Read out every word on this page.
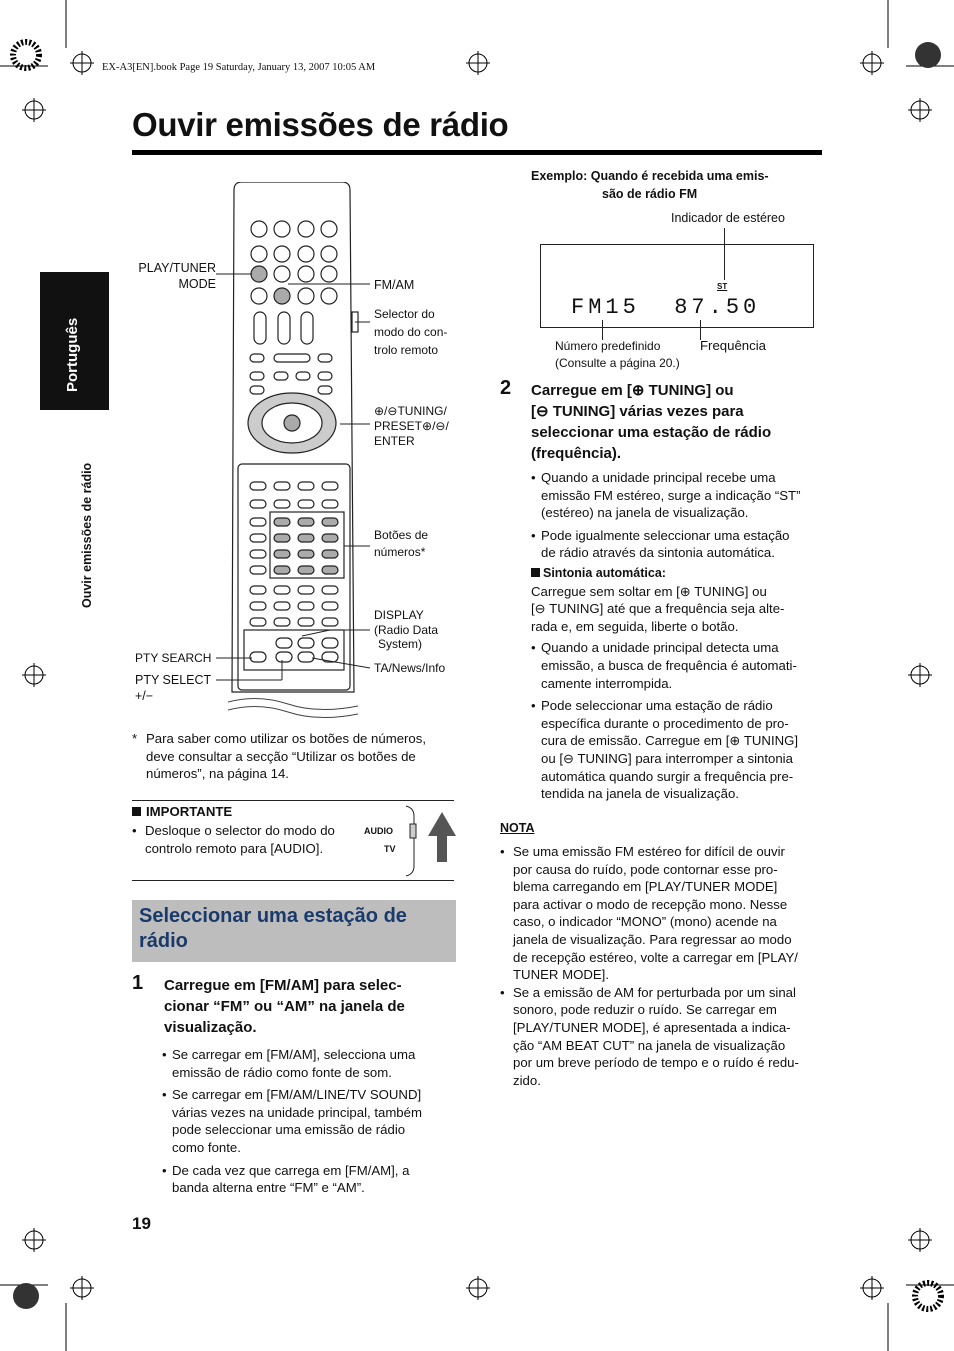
EX-A3[EN].book Page 19 Saturday, January 13, 2007 10:05 AM
Ouvir emissões de rádio
Português
Ouvir emissões de rádio
PLAY/TUNER
MODE	FM/AM
Selector do
modo do con-
trolo remoto
⊕/⊖TUNING/
PRESET⊕/⊖/
ENTER
Botões de
números*
DISPLAY
(Radio Data
System)
PTY SEARCH
TA/News/Info
PTY SELECT
+/−
* Para saber como utilizar os botões de números,
deve consultar a secção “Utilizar os botões de
números”, na página 14.
IMPORTANTE
• Desloque o selector do modo do
controlo remoto para [AUDIO].
AUDIO
TV
Seleccionar uma estação de
rádio
1 Carregue em [FM/AM] para selec-
cionar “FM” ou “AM” na janela de
visualização.
• Se carregar em [FM/AM], selecciona uma
emissão de rádio como fonte de som.
• Se carregar em [FM/AM/LINE/TV SOUND]
várias vezes na unidade principal, também
pode seleccionar uma emissão de rádio
como fonte.
• De cada vez que carrega em [FM/AM], a
banda alterna entre “FM” e “AM”.
19
Exemplo: Quando é recebida uma emis-
são de rádio FM
Indicador de estéreo
ST
FM15  87.50
Número predefinido
(Consulte a página 20.)
Frequência
2 Carregue em [⊕ TUNING] ou
[⊖ TUNING] várias vezes para
seleccionar uma estação de rádio
(frequência).
• Quando a unidade principal recebe uma
emissão FM estéreo, surge a indicação “ST”
(estéreo) na janela de visualização.
• Pode igualmente seleccionar uma estação
de rádio através da sintonia automática.
Sintonia automática:
Carregue sem soltar em [⊕ TUNING] ou
[⊖ TUNING] até que a frequência seja alte-
rada e, em seguida, liberte o botão.
• Quando a unidade principal detecta uma
emissão, a busca de frequência é automati-
camente interrompida.
• Pode seleccionar uma estação de rádio
específica durante o procedimento de pro-
cura de emissão. Carregue em [⊕ TUNING]
ou [⊖ TUNING] para interromper a sintonia
automática quando surgir a frequência pre-
tendida na janela de visualização.
NOTA
• Se uma emissão FM estéreo for difícil de ouvir
por causa do ruído, pode contornar esse pro-
blema carregando em [PLAY/TUNER MODE]
para activar o modo de recepção mono. Nesse
caso, o indicador “MONO” (mono) acende na
janela de visualização. Para regressar ao modo
de recepção estéreo, volte a carregar em [PLAY/
TUNER MODE].
• Se a emissão de AM for perturbada por um sinal
sonoro, pode reduzir o ruído. Se carregar em
[PLAY/TUNER MODE], é apresentada a indica-
ção “AM BEAT CUT” na janela de visualização
por um breve período de tempo e o ruído é redu-
zido.
